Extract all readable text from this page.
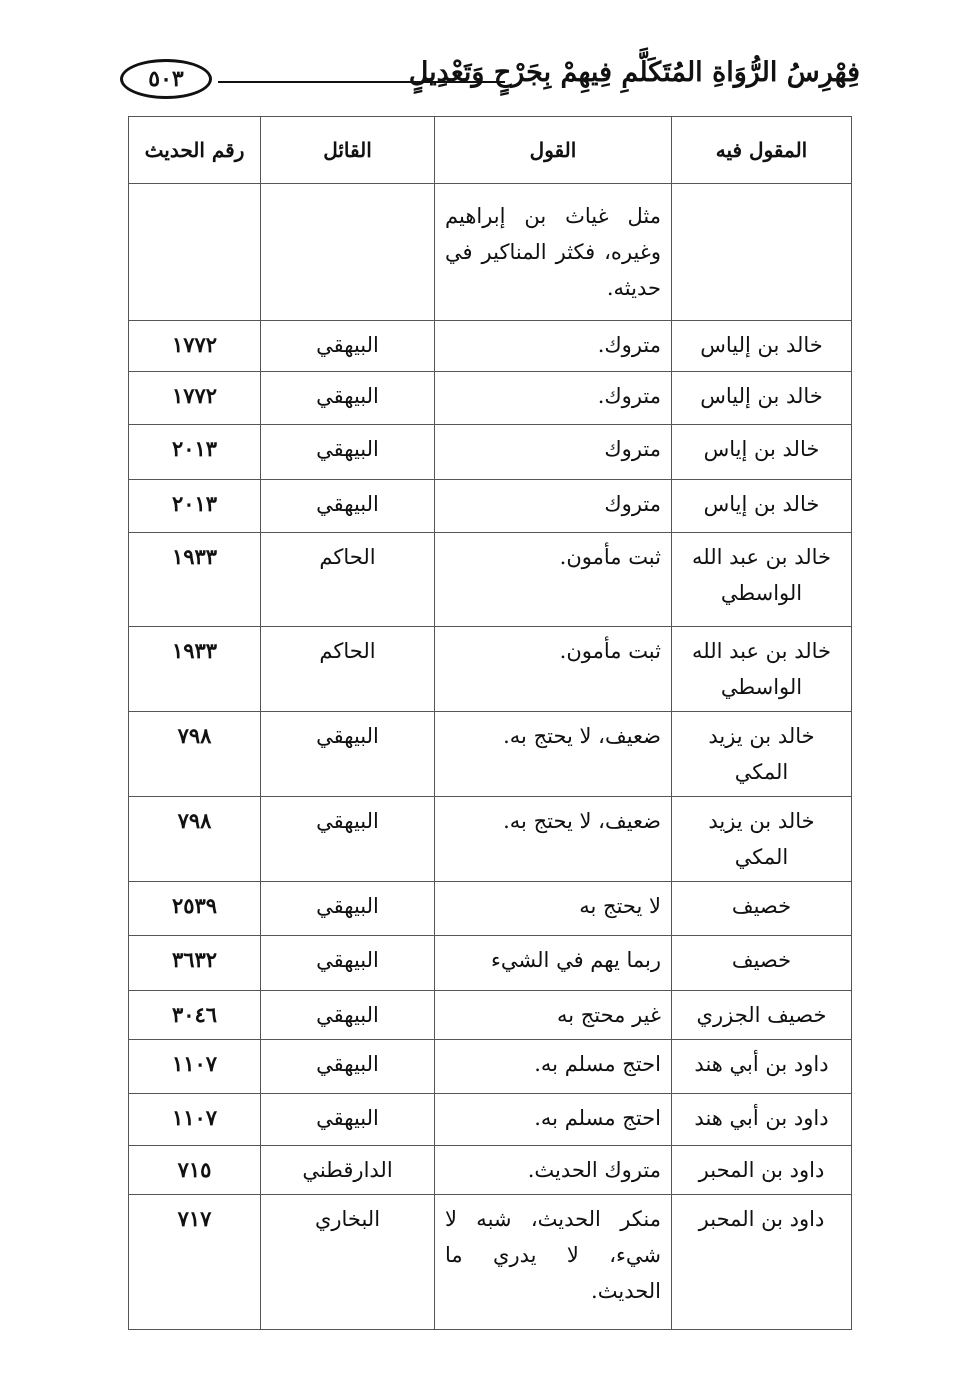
٥٠٣	فِهْرِسُ الرُّوَاةِ المُتَكَلَّمِ فِيهِمْ بِجَرْحٍ وَتَعْدِيلٍ
المقول فيه	القول	القائل	رقم الحديث
	مثل غياث بن إبراهيم وغيره، فكثر المناكير في حديثه.		
خالد بن إلياس	متروك.	البيهقي	١٧٧٢
خالد بن إلياس	متروك.	البيهقي	١٧٧٢
خالد بن إياس	متروك	البيهقي	٢٠١٣
خالد بن إياس	متروك	البيهقي	٢٠١٣
خالد بن عبد الله الواسطي	ثبت مأمون.	الحاكم	١٩٣٣
خالد بن عبد الله الواسطي	ثبت مأمون.	الحاكم	١٩٣٣
خالد بن يزيد المكي	ضعيف، لا يحتج به.	البيهقي	٧٩٨
خالد بن يزيد المكي	ضعيف، لا يحتج به.	البيهقي	٧٩٨
خصيف	لا يحتج به	البيهقي	٢٥٣٩
خصيف	ربما يهم في الشيء	البيهقي	٣٦٣٢
خصيف الجزري	غير محتج به	البيهقي	٣٠٤٦
داود بن أبي هند	احتج مسلم به.	البيهقي	١١٠٧
داود بن أبي هند	احتج مسلم به.	البيهقي	١١٠٧
داود بن المحبر	متروك الحديث.	الدارقطني	٧١٥
داود بن المحبر	منكر الحديث، شبه لا شيء، لا يدري ما الحديث.	البخاري	٧١٧
